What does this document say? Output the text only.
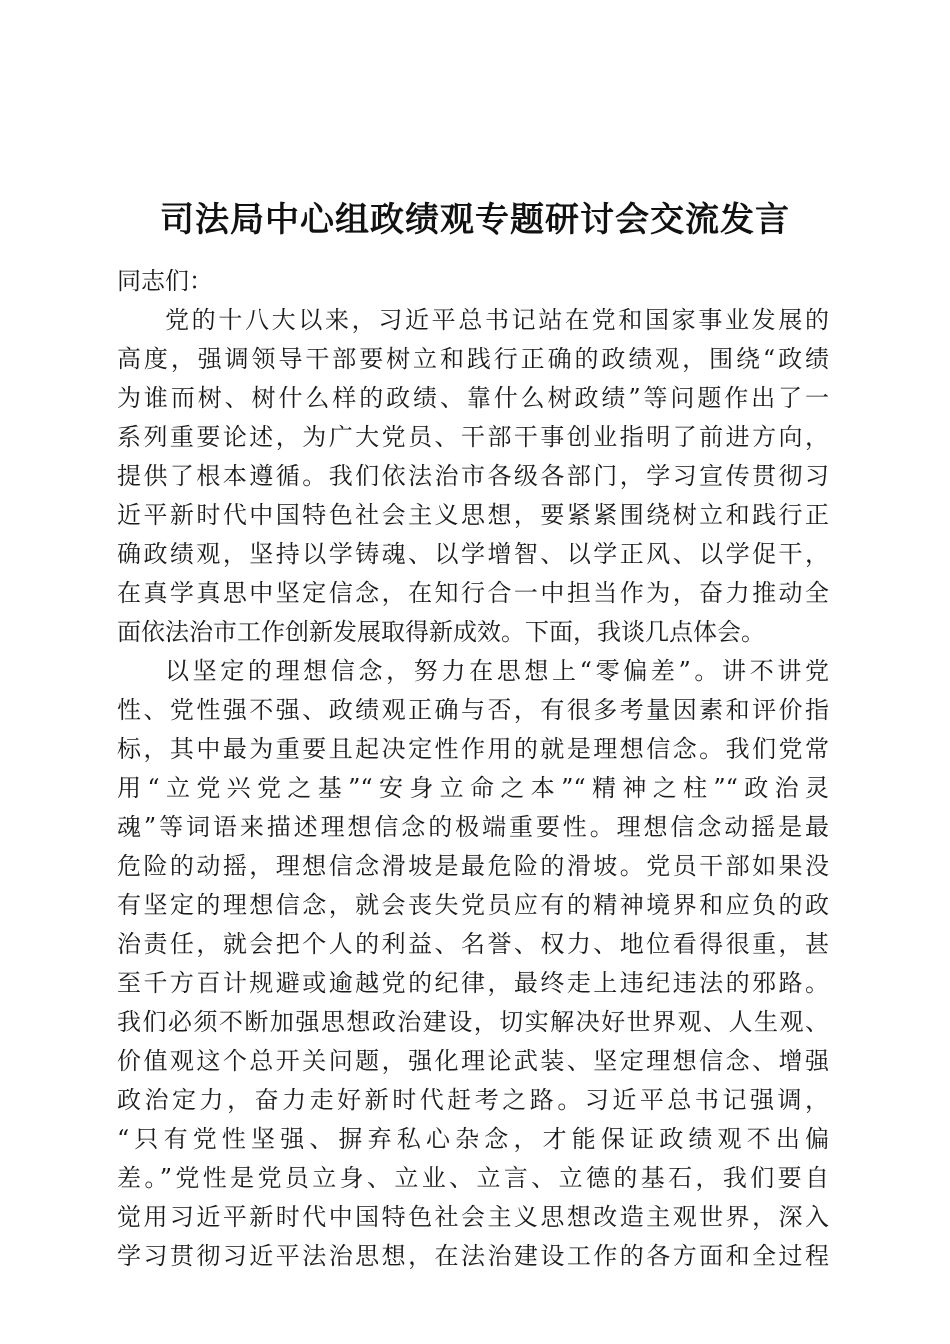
司法局中心组政绩观专题研讨会交流发言
同志们：
党的十八大以来，习近平总书记站在党和国家事业发展的
高度，强调领导干部要树立和践行正确的政绩观，围绕“政绩
为谁而树、树什么样的政绩、靠什么树政绩”等问题作出了一
系列重要论述，为广大党员、干部干事创业指明了前进方向，
提供了根本遵循。我们依法治市各级各部门，学习宣传贯彻习
近平新时代中国特色社会主义思想，要紧紧围绕树立和践行正
确政绩观，坚持以学铸魂、以学增智、以学正风、以学促干，
在真学真思中坚定信念，在知行合一中担当作为，奋力推动全
面依法治市工作创新发展取得新成效。下面，我谈几点体会。
以坚定的理想信念，努力在思想上“零偏差”。讲不讲党
性、党性强不强、政绩观正确与否，有很多考量因素和评价指
标，其中最为重要且起决定性作用的就是理想信念。我们党常
用“立党兴党之基”“安身立命之本”“精神之柱”“政治灵
魂”等词语来描述理想信念的极端重要性。理想信念动摇是最
危险的动摇，理想信念滑坡是最危险的滑坡。党员干部如果没
有坚定的理想信念，就会丧失党员应有的精神境界和应负的政
治责任，就会把个人的利益、名誉、权力、地位看得很重，甚
至千方百计规避或逾越党的纪律，最终走上违纪违法的邪路。
我们必须不断加强思想政治建设，切实解决好世界观、人生观、
价值观这个总开关问题，强化理论武装、坚定理想信念、增强
政治定力，奋力走好新时代赶考之路。习近平总书记强调，
“只有党性坚强、摒弃私心杂念，才能保证政绩观不出偏
差。”党性是党员立身、立业、立言、立德的基石，我们要自
觉用习近平新时代中国特色社会主义思想改造主观世界，深入
学习贯彻习近平法治思想，在法治建设工作的各方面和全过程
